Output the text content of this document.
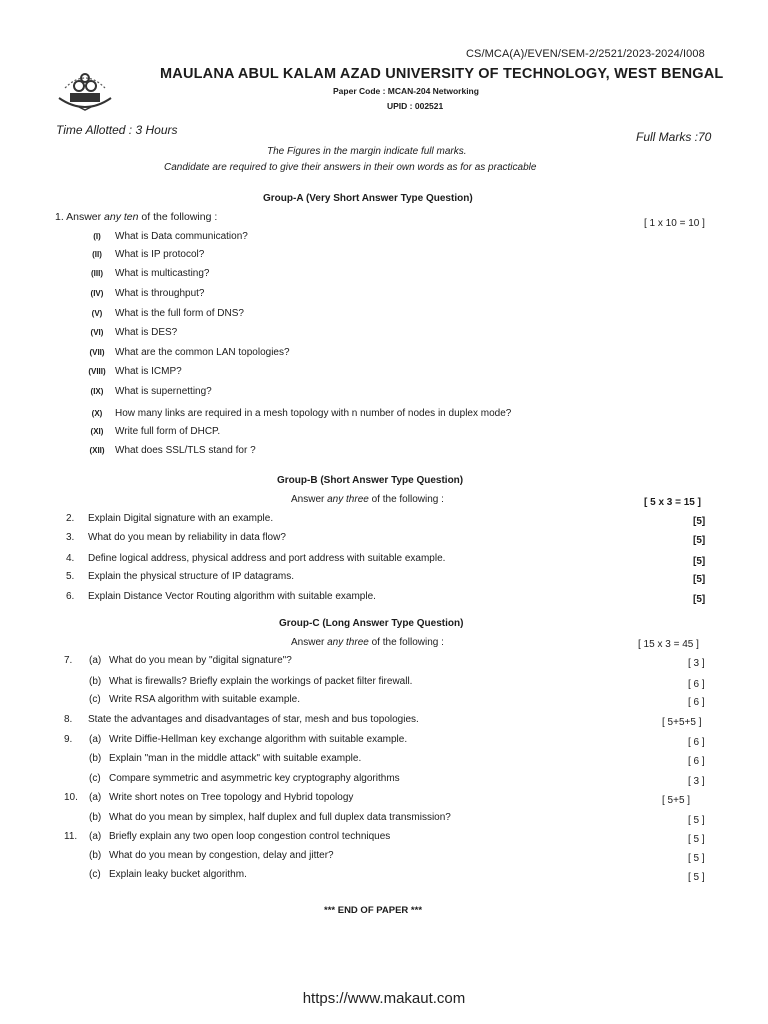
CS/MCA(A)/EVEN/SEM-2/2521/2023-2024/I008
MAULANA ABUL KALAM AZAD UNIVERSITY OF TECHNOLOGY, WEST BENGAL
Paper Code : MCAN-204 Networking
UPID : 002521
Time Allotted : 3 Hours	Full Marks :70
The Figures in the margin indicate full marks.
Candidate are required to give their answers in their own words as for as practicable
Group-A (Very Short Answer Type Question)
1. Answer any ten of the following :
[ 1 x 10 = 10 ]
(I)	What is Data communication?
(II)	What is IP protocol?
(III)	What is multicasting?
(IV)	What is throughput?
(V)	What is the full form of DNS?
(VI)	What is DES?
(VII)	What are the common LAN topologies?
(VIII) What is ICMP?
(IX)	What is supernetting?
(X)	How many links are required in a mesh topology with n number of nodes in duplex mode?
(XI)	Write full form of DHCP.
(XII)	What does SSL/TLS stand for ?
Group-B (Short Answer Type Question)
Answer any three of the following :	[ 5 x 3 = 15 ]
2.	Explain Digital signature with an example.	[5]
3.	What do you mean by reliability in data flow?	[5]
4.	Define logical address, physical address and port address with suitable example.	[5]
5.	Explain the physical structure of IP datagrams.	[5]
6.	Explain Distance Vector Routing algorithm with suitable example.	[5]
Group-C (Long Answer Type Question)
Answer any three of the following :	[ 15 x 3 = 45 ]
7.	(a) What do you mean by "digital signature"?	[ 3 ]
(b) What is firewalls? Briefly explain the workings of packet filter firewall.	[ 6 ]
(c) Write RSA algorithm with suitable example.	[ 6 ]
8.	State the advantages and disadvantages of star, mesh and bus topologies.	[ 5+5+5 ]
9.	(a) Write Diffie-Hellman key exchange algorithm with suitable example.	[ 6 ]
(b) Explain "man in the middle attack" with suitable example.	[ 6 ]
(c) Compare symmetric and asymmetric key cryptography algorithms	[ 3 ]
10.	(a) Write short notes on Tree topology and Hybrid topology	[ 5+5 ]
(b) What do you mean by simplex, half duplex and full duplex data transmission?	[ 5 ]
11.	(a) Briefly explain any two open loop congestion control techniques	[ 5 ]
(b) What do you mean by congestion, delay and jitter?	[ 5 ]
(c) Explain leaky bucket algorithm.	[ 5 ]
*** END OF PAPER ***
https://www.makaut.com
